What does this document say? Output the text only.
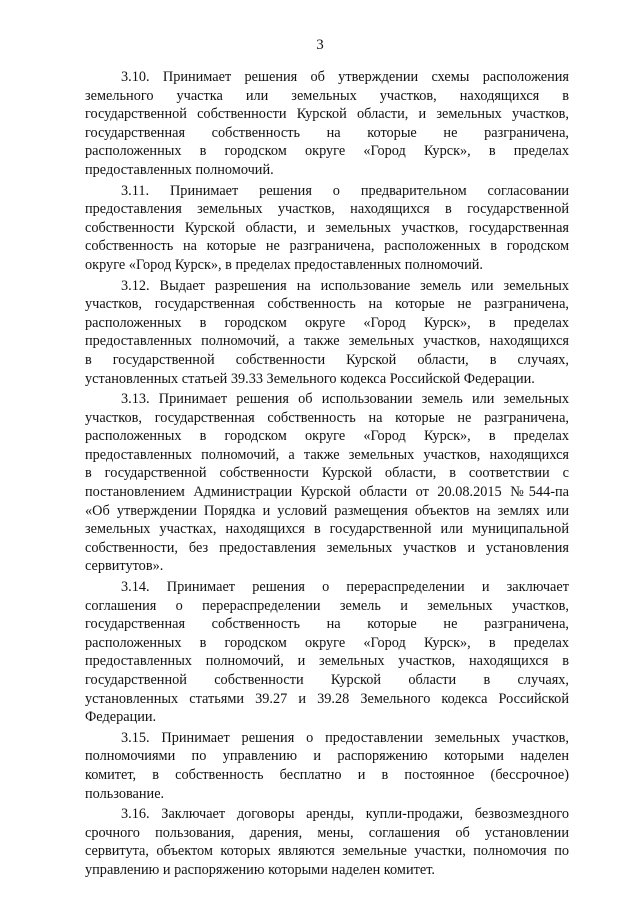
3

3.10. Принимает решения об утверждении схемы расположения
земельного участка или земельных участков, находящихся в
государственной собственности Курской области, и земельных участков,
государственная собственность на которые не разграничена,
расположенных в городском округе «Город Курск», в пределах
предоставленных полномочий.

3.11. Принимает решения о предварительном согласовании
предоставления земельных участков, находящихся в государственной
собственности Курской области, и земельных участков, государственная
собственность на которые не разграничена, расположенных в городском
округе «Город Курск», в пределах предоставленных полномочий.

3.12. Выдает разрешения на использование земель или земельных
участков, государственная собственность на которые не разграничена,
расположенных в городском округе «Город Курск», в пределах
предоставленных полномочий, а также земельных участков, находящихся
в государственной собственности Курской области, в случаях,
установленных статьей 39.33 Земельного кодекса Российской Федерации.

3.13. Принимает решения об использовании земель или земельных
участков, государственная собственность на которые не разграничена,
расположенных в городском округе «Город Курск», в пределах
предоставленных полномочий, а также земельных участков, находящихся
в государственной собственности Курской области, в соответствии с
постановлением Администрации Курской области от 20.08.2015 №544-па
«Об утверждении Порядка и условий размещения объектов на землях или
земельных участках, находящихся в государственной или муниципальной
собственности, без предоставления земельных участков и установления
сервитутов».

3.14. Принимает решения о перераспределении и заключает
соглашения о перераспределении земель и земельных участков,
государственная собственность на которые не разграничена,
расположенных в городском округе «Город Курск», в пределах
предоставленных полномочий, и земельных участков, находящихся в
государственной собственности Курской области в случаях,
установленных статьями 39.27 и 39.28 Земельного кодекса Российской
Федерации.

3.15. Принимает решения о предоставлении земельных участков,
полномочиями по управлению и распоряжению которыми наделен
комитет, в собственность бесплатно и в постоянное (бессрочное)
пользование.

3.16. Заключает договоры аренды, купли-продажи, безвозмездного
срочного пользования, дарения, мены, соглашения об установлении
сервитута, объектом которых являются земельные участки, полномочия по
управлению и распоряжению которыми наделен комитет.
